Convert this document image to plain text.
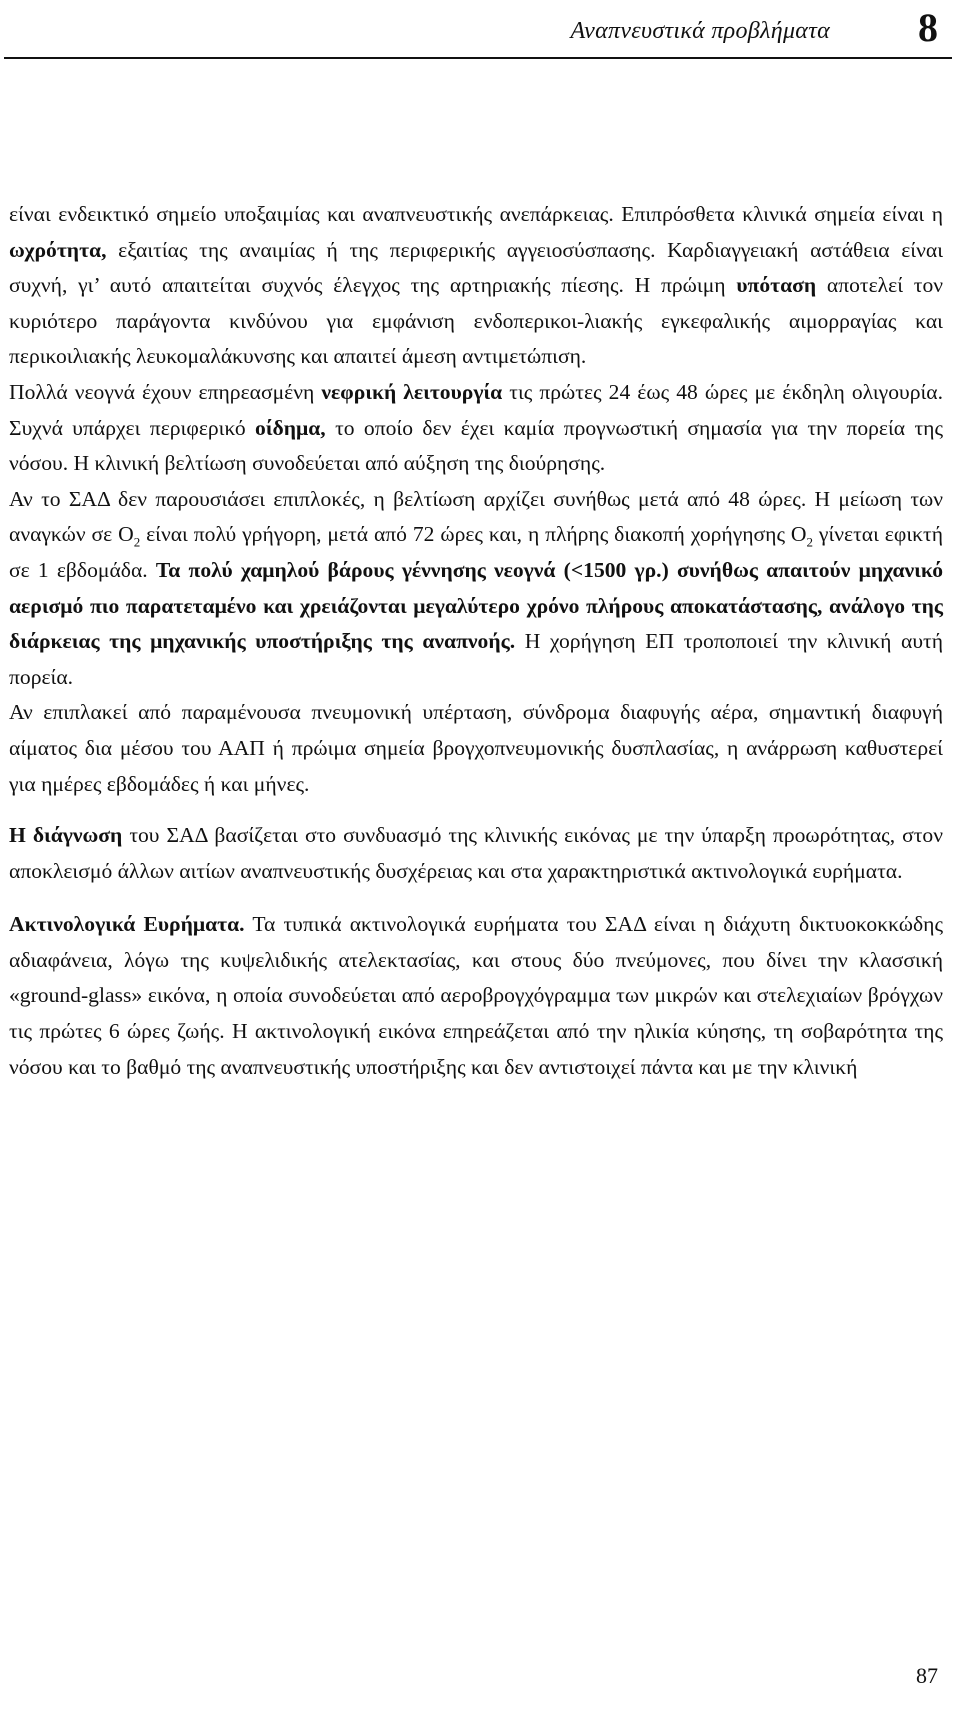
Αναπνευστικά προβλήματα 8

είναι ενδεικτικό σημείο υποξαιμίας και αναπνευστικής ανεπάρκειας. Επιπρόσθετα κλινικά σημεία είναι η ωχρότητα, εξαιτίας της αναιμίας ή της περιφερικής αγγειοσύσπασης. Καρδιαγγειακή αστάθεια είναι συχνή, γι’ αυτό απαιτείται συχνός έλεγχος της αρτηριακής πίεσης. Η πρώιμη υπόταση αποτελεί τον κυριότερο παράγοντα κινδύνου για εμφάνιση ενδοπερικοι-λιακής εγκεφαλικής αιμορραγίας και περικοιλιακής λευκομαλάκυνσης και απαιτεί άμεση αντιμετώπιση.

Πολλά νεογνά έχουν επηρεασμένη νεφρική λειτουργία τις πρώτες 24 έως 48 ώρες με έκδηλη ολιγουρία. Συχνά υπάρχει περιφερικό οίδημα, το οποίο δεν έχει καμία προγνωστική σημασία για την πορεία της νόσου. Η κλινική βελτίωση συνοδεύεται από αύξηση της διούρησης.

Αν το ΣΑΔ δεν παρουσιάσει επιπλοκές, η βελτίωση αρχίζει συνήθως μετά από 48 ώρες. Η μείωση των αναγκών σε $O_2$ είναι πολύ γρήγορη, μετά από 72 ώρες και, η πλήρης διακοπή χορήγησης $O_2$ γίνεται εφικτή σε 1 εβδομάδα. Τα πολύ χαμηλού βάρους γέννησης νεογνά (<1500 γρ.) συνήθως απαιτούν μηχανικό αερισμό πιο παρατεταμένο και χρειάζονται μεγαλύτερο χρόνο πλήρους αποκατάστασης, ανάλογο της διάρκειας της μηχανικής υποστήριξης της αναπνοής. Η χορήγηση ΕΠ τροποποιεί την κλινική αυτή πορεία.

Αν επιπλακεί από παραμένουσα πνευμονική υπέρταση, σύνδρομα διαφυγής αέρα, σημαντική διαφυγή αίματος δια μέσου του ΑΑΠ ή πρώιμα σημεία βρογχοπνευμονικής δυσπλασίας, η ανάρρωση καθυστερεί για ημέρες εβδομάδες ή και μήνες.

Η διάγνωση του ΣΑΔ βασίζεται στο συνδυασμό της κλινικής εικόνας με την ύπαρξη προωρότητας, στον αποκλεισμό άλλων αιτίων αναπνευστικής δυσχέρειας και στα χαρακτηριστικά ακτινολογικά ευρήματα.

Ακτινολογικά Ευρήματα. Τα τυπικά ακτινολογικά ευρήματα του ΣΑΔ είναι η διάχυτη δικτυοκοκκώδης αδιαφάνεια, λόγω της κυψελιδικής ατελεκτασίας, και στους δύο πνεύμονες, που δίνει την κλασσική «ground-glass» εικόνα, η οποία συνοδεύεται από αεροβρογχόγραμμα των μικρών και στελεχιαίων βρόγχων τις πρώτες 6 ώρες ζωής. Η ακτινολογική εικόνα επηρεάζεται από την ηλικία κύησης, τη σοβαρότητα της νόσου και το βαθμό της αναπνευστικής υποστήριξης και δεν αντιστοιχεί πάντα και με την κλινική

87
